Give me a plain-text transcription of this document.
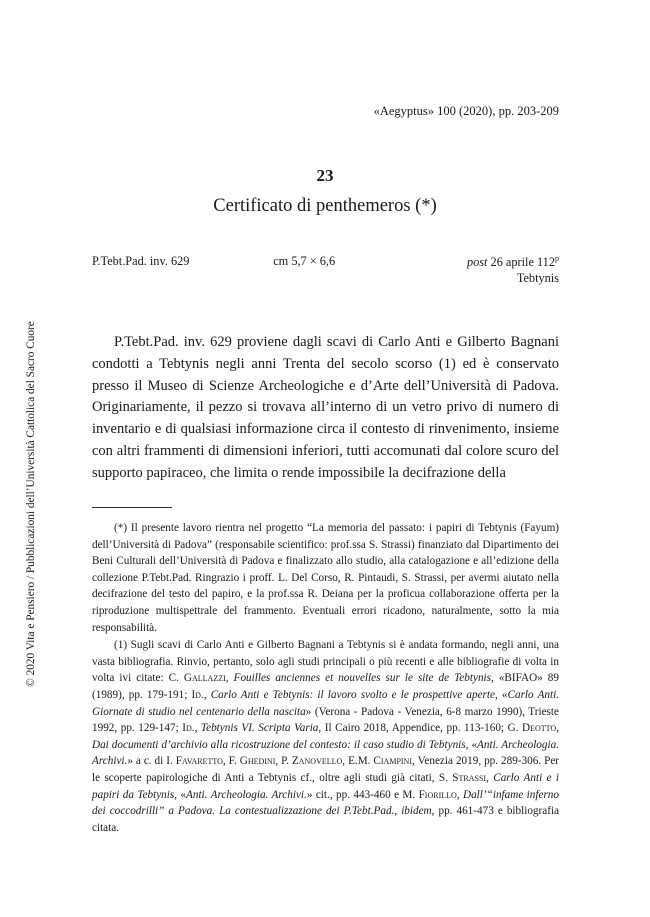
«Aegyptus» 100 (2020), pp. 203-209
23
Certificato di penthemeros (*)
P.Tebt.Pad. inv. 629	cm 5,7 × 6,6	post 26 aprile 112$^p$
Tebtynis

P.Tebt.Pad. inv. 629 proviene dagli scavi di Carlo Anti e Gilberto Bagnani condotti a Tebtynis negli anni Trenta del secolo scorso (1) ed è conservato presso il Museo di Scienze Archeologiche e d’Arte dell’Università di Padova. Originariamente, il pezzo si trovava all’interno di un vetro privo di numero di inventario e di qualsiasi informazione circa il contesto di rinvenimento, insieme con altri frammenti di dimensioni inferiori, tutti accomunati dal colore scuro del supporto papiraceo, che limita o rende impossibile la decifrazione della

(*) Il presente lavoro rientra nel progetto “La memoria del passato: i papiri di Tebtynis (Fayum) dell’Università di Padova” (responsabile scientifico: prof.ssa S. Strassi) finanziato dal Dipartimento dei Beni Culturali dell’Università di Padova e finalizzato allo studio, alla catalogazione e all’edizione della collezione P.Tebt.Pad. Ringrazio i proff. L. Del Corso, R. Pintaudi, S. Strassi, per avermi aiutato nella decifrazione del testo del papiro, e la prof.ssa R. Deiana per la proficua collaborazione offerta per la riproduzione multispettrale del frammento. Eventuali errori ricadono, naturalmente, sotto la mia responsabilità.

(1) Sugli scavi di Carlo Anti e Gilberto Bagnani a Tebtynis si è andata formando, negli anni, una vasta bibliografia. Rinvio, pertanto, solo agli studi principali o più recenti e alle bibliografie di volta in volta ivi citate: C. Gallazzi, Fouilles anciennes et nouvelles sur le site de Tebtynis, «BIFAO» 89 (1989), pp. 179-191; Id., Carlo Anti e Tebtynis: il lavoro svolto e le prospettive aperte, «Carlo Anti. Giornate di studio nel centenario della nascita» (Verona - Padova - Venezia, 6-8 marzo 1990), Trieste 1992, pp. 129-147; Id., Tebtynis VI. Scripta Varia, Il Cairo 2018, Appendice, pp. 113-160; G. Deotto, Dai documenti d’archivio alla ricostruzione del contesto: il caso studio di Tebtynis, «Anti. Archeologia. Archivi.» a c. di I. Favaretto, F. Ghedini, P. Zanovello, E.M. Ciampini, Venezia 2019, pp. 289-306. Per le scoperte papirologiche di Anti a Tebtynis cf., oltre agli studi già citati, S. Strassi, Carlo Anti e i papiri da Tebtynis, «Anti. Archeologia. Archivi.» cit., pp. 443-460 e M. Fiorillo, Dall’“infame inferno dei coccodrilli” a Padova. La contestualizzazione dei P.Tebt.Pad., ibidem, pp. 461-473 e bibliografia citata.

© 2020 Vita e Pensiero / Pubblicazioni dell’Università Cattolica del Sacro Cuore
